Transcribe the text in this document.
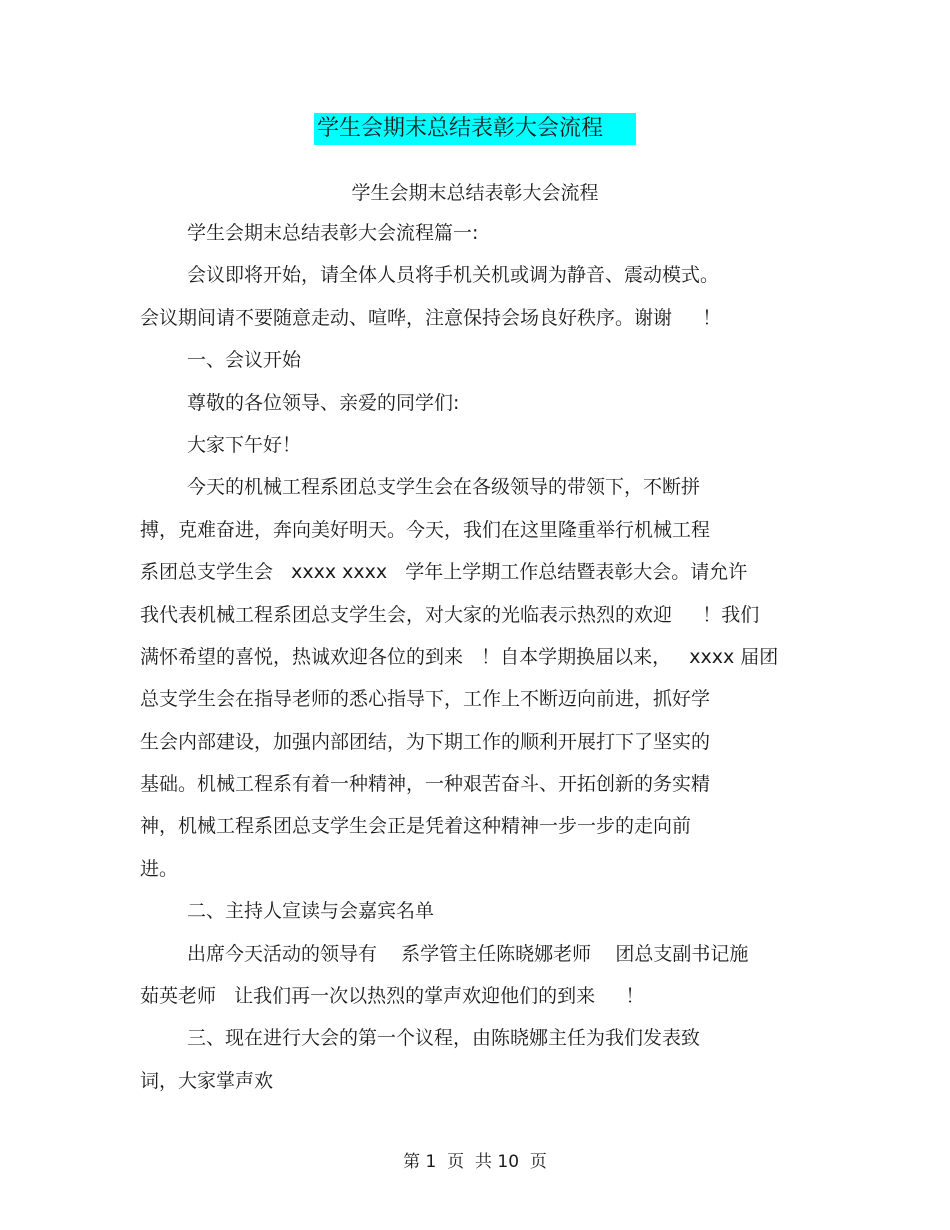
学生会期末总结表彰大会流程
学生会期末总结表彰大会流程
学生会期末总结表彰大会流程篇一:
会议即将开始，请全体人员将手机关机或调为静音、震动模式。
会议期间请不要随意走动、喧哗，注意保持会场良好秩序。谢谢     ！
一、会议开始
尊敬的各位领导、亲爱的同学们:
大家下午好！
今天的机械工程系团总支学生会在各级领导的带领下，不断拼
搏，克难奋进，奔向美好明天。今天，我们在这里隆重举行机械工程
系团总支学生会   xxxx xxxx   学年上学期工作总结暨表彰大会。请允许
我代表机械工程系团总支学生会，对大家的光临表示热烈的欢迎     ！我们
满怀希望的喜悦，热诚欢迎各位的到来   ！自本学期换届以来，   xxxx 届团
总支学生会在指导老师的悉心指导下，工作上不断迈向前进，抓好学
生会内部建设，加强内部团结，为下期工作的顺利开展打下了坚实的
基础。机械工程系有着一种精神，一种艰苦奋斗、开拓创新的务实精
神，机械工程系团总支学生会正是凭着这种精神一步一步的走向前
进。
二、主持人宣读与会嘉宾名单
出席今天活动的领导有    系学管主任陈晓娜老师    团总支副书记施
茹英老师   让我们再一次以热烈的掌声欢迎他们的到来     ！
三、现在进行大会的第一个议程，由陈晓娜主任为我们发表致
词，大家掌声欢
第 1  页  共 10  页
